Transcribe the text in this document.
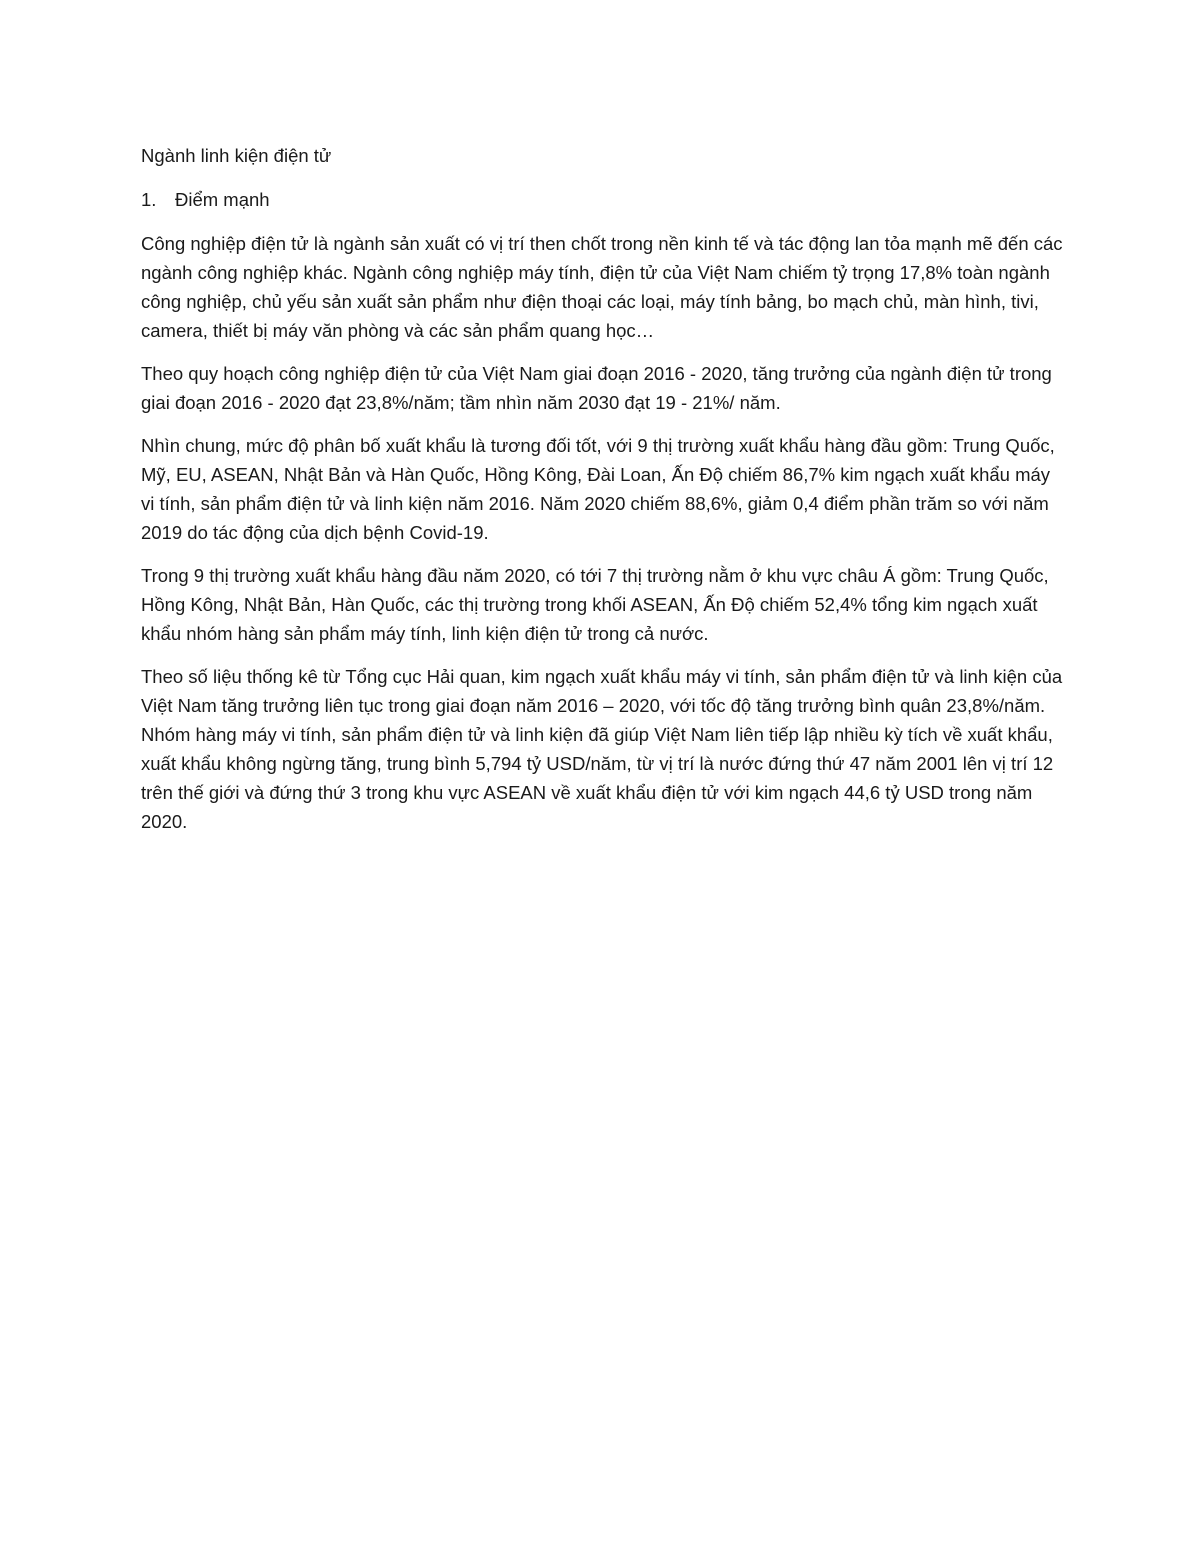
Ngành linh kiện điện tử

1.	Điểm mạnh

Công nghiệp điện tử là ngành sản xuất có vị trí then chốt trong nền kinh tế và tác động lan tỏa mạnh mẽ đến các ngành công nghiệp khác. Ngành công nghiệp máy tính, điện tử của Việt Nam chiếm tỷ trọng 17,8% toàn ngành công nghiệp, chủ yếu sản xuất sản phẩm như điện thoại các loại, máy tính bảng, bo mạch chủ, màn hình, tivi, camera, thiết bị máy văn phòng và các sản phẩm quang học…

Theo quy hoạch công nghiệp điện tử của Việt Nam giai đoạn 2016 - 2020, tăng trưởng của ngành điện tử trong giai đoạn 2016 - 2020 đạt 23,8%/năm; tầm nhìn năm 2030 đạt 19 - 21%/ năm.

Nhìn chung, mức độ phân bố xuất khẩu là tương đối tốt, với 9 thị trường xuất khẩu hàng đầu gồm: Trung Quốc, Mỹ, EU, ASEAN, Nhật Bản và Hàn Quốc, Hồng Kông, Đài Loan, Ấn Độ chiếm 86,7% kim ngạch xuất khẩu máy vi tính, sản phẩm điện tử và linh kiện năm 2016. Năm 2020 chiếm 88,6%, giảm 0,4 điểm phần trăm so với năm 2019 do tác động của dịch bệnh Covid-19.

Trong 9 thị trường xuất khẩu hàng đầu năm 2020, có tới 7 thị trường nằm ở khu vực châu Á gồm: Trung Quốc, Hồng Kông, Nhật Bản, Hàn Quốc, các thị trường trong khối ASEAN, Ấn Độ chiếm 52,4% tổng kim ngạch xuất khẩu nhóm hàng sản phẩm máy tính, linh kiện điện tử trong cả nước.

Theo số liệu thống kê từ Tổng cục Hải quan, kim ngạch xuất khẩu máy vi tính, sản phẩm điện tử và linh kiện của Việt Nam tăng trưởng liên tục trong giai đoạn năm 2016 – 2020, với tốc độ tăng trưởng bình quân 23,8%/năm. Nhóm hàng máy vi tính, sản phẩm điện tử và linh kiện đã giúp Việt Nam liên tiếp lập nhiều kỳ tích về xuất khẩu, xuất khẩu không ngừng tăng, trung bình 5,794 tỷ USD/năm, từ vị trí là nước đứng thứ 47 năm 2001 lên vị trí 12 trên thế giới và đứng thứ 3 trong khu vực ASEAN về xuất khẩu điện tử với kim ngạch 44,6 tỷ USD trong năm 2020.
